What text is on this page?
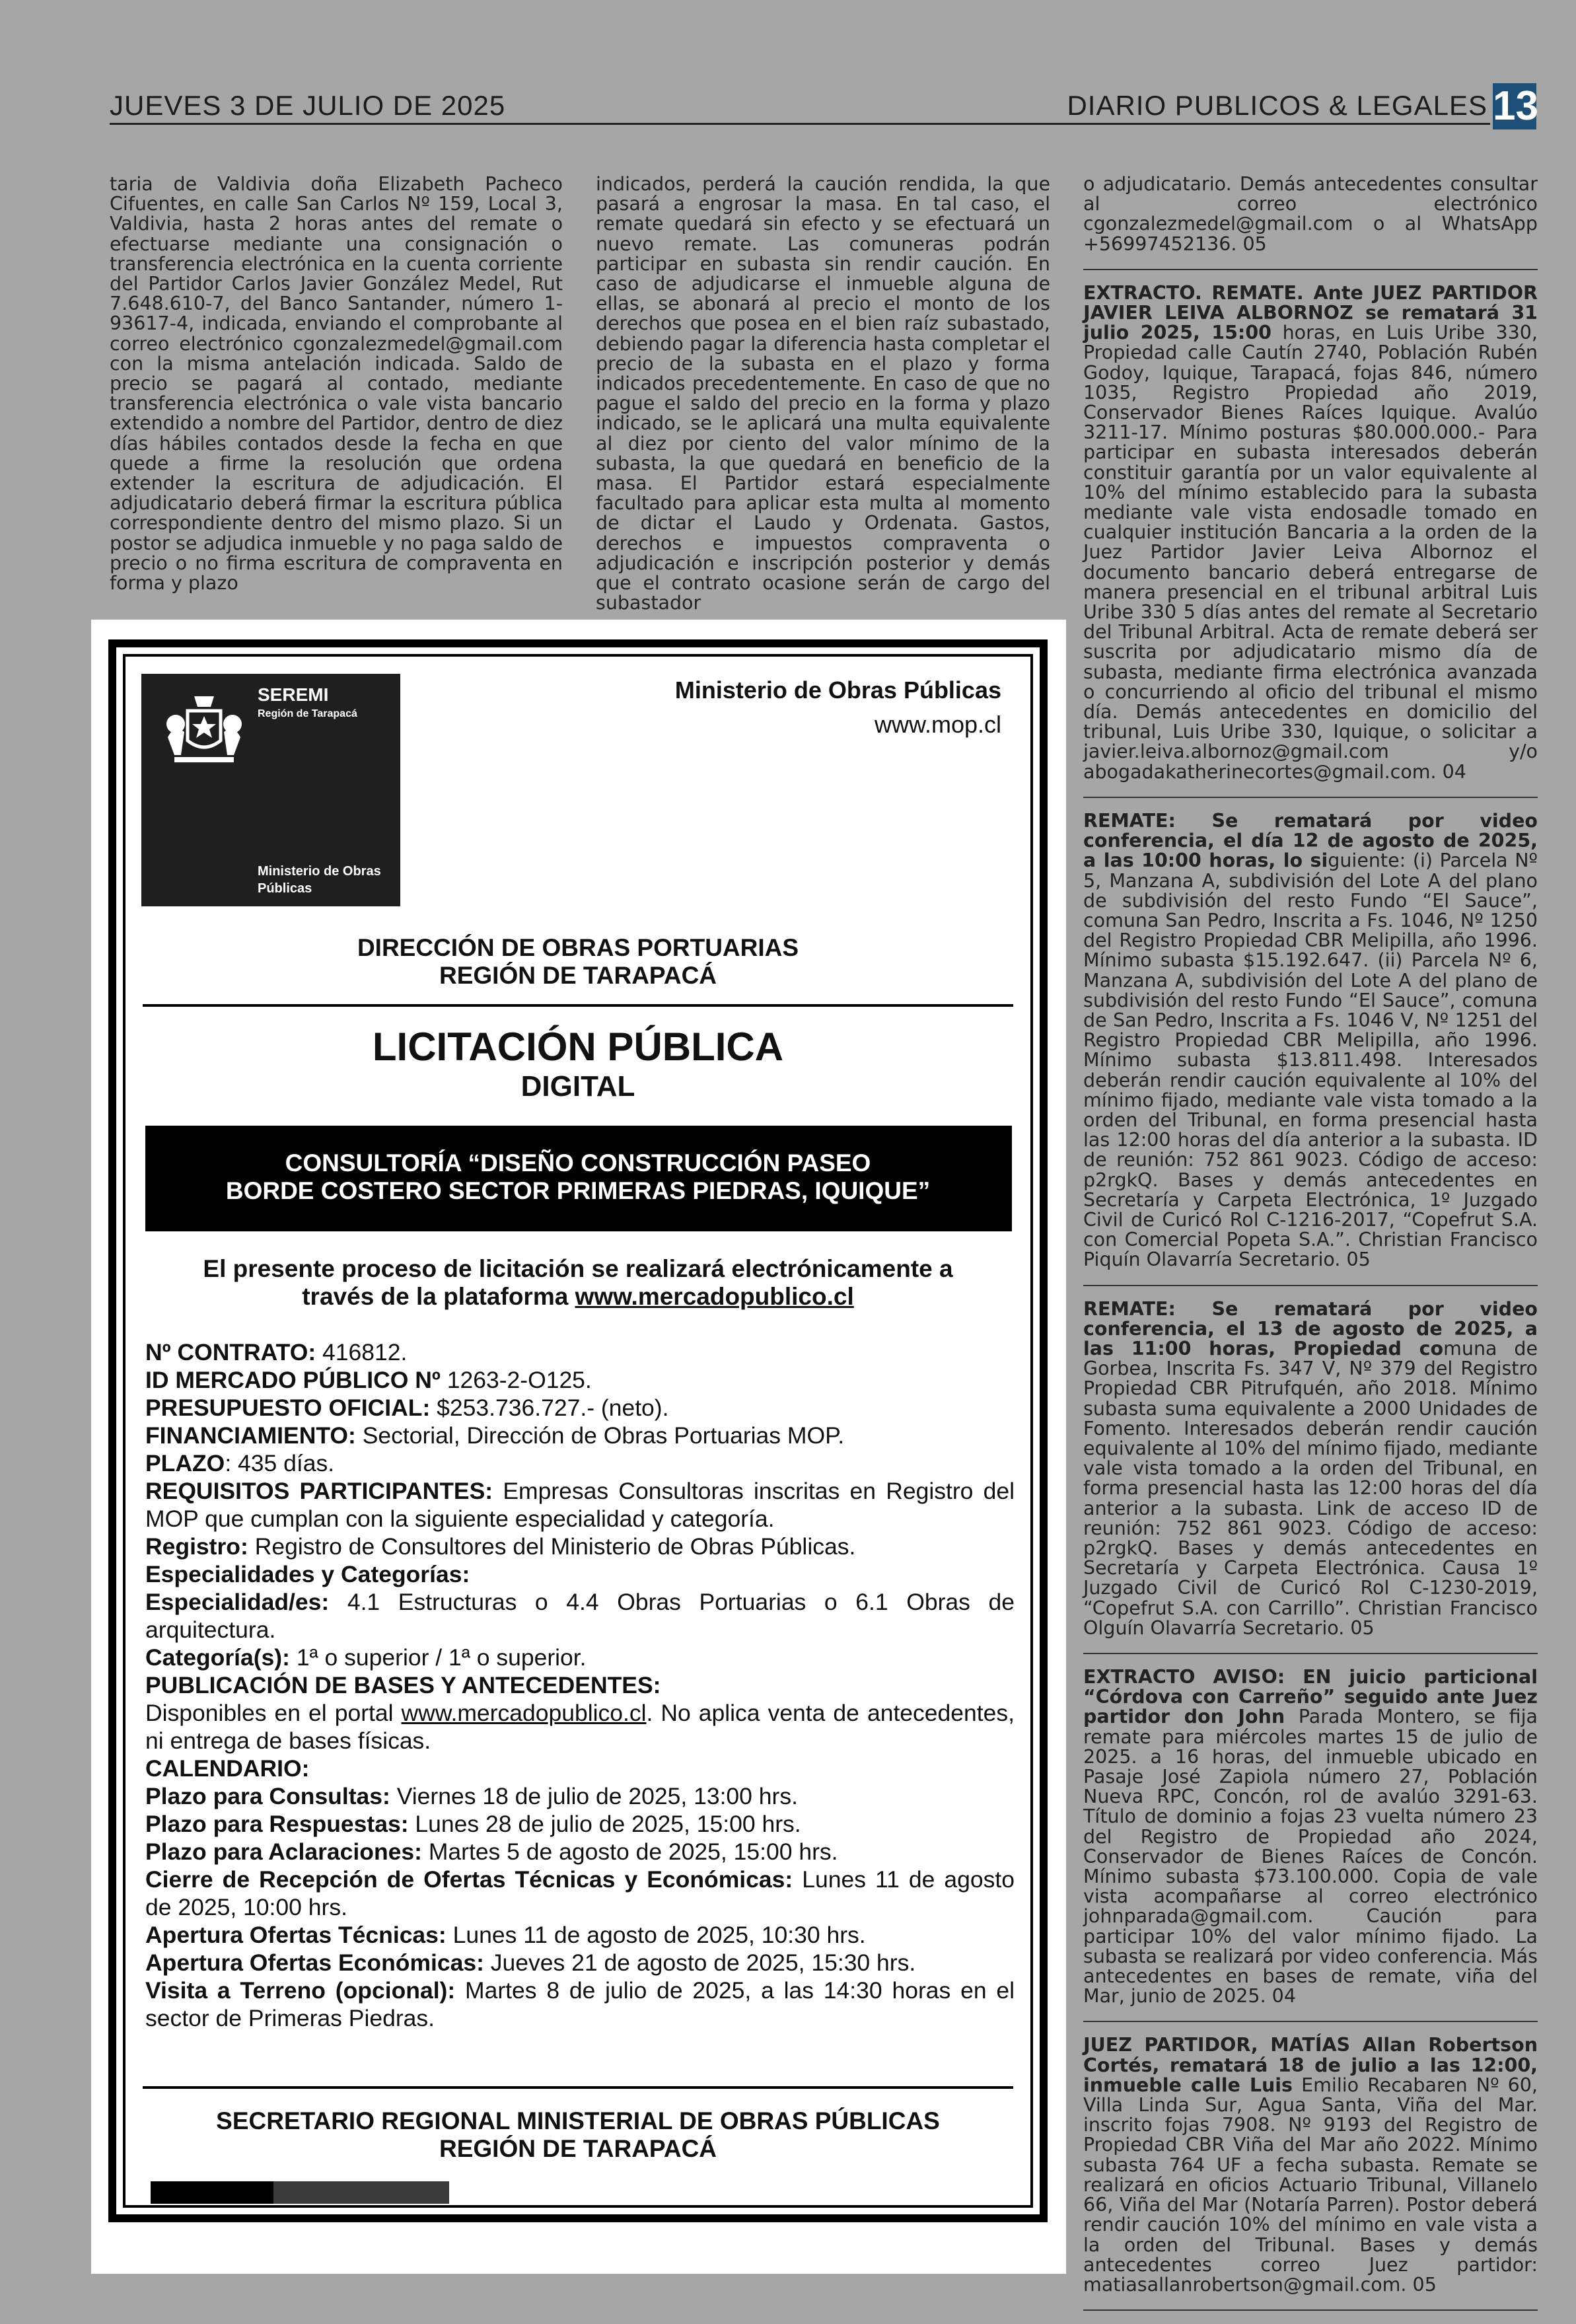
JUEVES 3 DE JULIO DE 2025	DIARIO PUBLICOS & LEGALES 13

taria de Valdivia doña Elizabeth Pacheco Cifuentes, en calle San Carlos Nº 159, Local 3, Valdivia, hasta 2 horas antes del remate o efectuarse mediante una consignación o transferencia electrónica en la cuenta corriente del Partidor Carlos Javier González Medel, Rut 7.648.610-7, del Banco Santander, número 1-93617-4, indicada, enviando el comprobante al correo electrónico cgonzalezmedel@gmail.com con la misma antelación indicada. Saldo de precio se pagará al contado, mediante transferencia electrónica o vale vista bancario extendido a nombre del Partidor, dentro de diez días hábiles contados desde la fecha en que quede a firme la resolución que ordena extender la escritura de adjudicación. El adjudicatario deberá firmar la escritura pública correspondiente dentro del mismo plazo. Si un postor se adjudica inmueble y no paga saldo de precio o no firma escritura de compraventa en forma y plazo

indicados, perderá la caución rendida, la que pasará a engrosar la masa. En tal caso, el remate quedará sin efecto y se efectuará un nuevo remate. Las comuneras podrán participar en subasta sin rendir caución. En caso de adjudicarse el inmueble alguna de ellas, se abonará al precio el monto de los derechos que posea en el bien raíz subastado, debiendo pagar la diferencia hasta completar el precio de la subasta en el plazo y forma indicados precedentemente. En caso de que no pague el saldo del precio en la forma y plazo indicado, se le aplicará una multa equivalente al diez por ciento del valor mínimo de la subasta, la que quedará en beneficio de la masa. El Partidor estará especialmente facultado para aplicar esta multa al momento de dictar el Laudo y Ordenata. Gastos, derechos e impuestos compraventa o adjudicación e inscripción posterior y demás que el contrato ocasione serán de cargo del subastador

o adjudicatario. Demás antecedentes consultar al correo electrónico cgonzalezmedel@gmail.com o al WhatsApp +56997452136. 05
EXTRACTO. REMATE. Ante JUEZ PARTIDOR JAVIER LEIVA ALBORNOZ se rematará 31 julio 2025, 15:00 horas, en Luis Uribe 330, Propiedad calle Cautín 2740, Población Rubén Godoy, Iquique, Tarapacá, fojas 846, número 1035, Registro Propiedad año 2019, Conservador Bienes Raíces Iquique. Avalúo 3211-17. Mínimo posturas $80.000.000.- Para participar en subasta interesados deberán constituir garantía por un valor equivalente al 10% del mínimo establecido para la subasta mediante vale vista endosadle tomado en cualquier institución Bancaria a la orden de la Juez Partidor Javier Leiva Albornoz el documento bancario deberá entregarse de manera presencial en el tribunal arbitral Luis Uribe 330 5 días antes del remate al Secretario del Tribunal Arbitral. Acta de remate deberá ser suscrita por adjudicatario mismo día de subasta, mediante firma electrónica avanzada o concurriendo al oficio del tribunal el mismo día. Demás antecedentes en domicilio del tribunal, Luis Uribe 330, Iquique, o solicitar a javier.leiva.albornoz@gmail.com y/o abogadakatherinecortes@gmail.com. 04
REMATE: Se rematará por video conferencia, el día 12 de agosto de 2025, a las 10:00 horas, lo siguiente: (i) Parcela Nº 5, Manzana A, subdivisión del Lote A del plano de subdivisión del resto Fundo “El Sauce”, comuna San Pedro, Inscrita a Fs. 1046, Nº 1250 del Registro Propiedad CBR Melipilla, año 1996. Mínimo subasta $15.192.647. (ii) Parcela Nº 6, Manzana A, subdivisión del Lote A del plano de subdivisión del resto Fundo “El Sauce”, comuna de San Pedro, Inscrita a Fs. 1046 V, Nº 1251 del Registro Propiedad CBR Melipilla, año 1996. Mínimo subasta $13.811.498. Interesados deberán rendir caución equivalente al 10% del mínimo fijado, mediante vale vista tomado a la orden del Tribunal, en forma presencial hasta las 12:00 horas del día anterior a la subasta. ID de reunión: 752 861 9023. Código de acceso: p2rgkQ. Bases y demás antecedentes en Secretaría y Carpeta Electrónica, 1º Juzgado Civil de Curicó Rol C-1216-2017, “Copefrut S.A. con Comercial Popeta S.A.”. Christian Francisco Piquín Olavarría Secretario. 05
REMATE: Se rematará por video conferencia, el 13 de agosto de 2025, a las 11:00 horas, Propiedad comuna de Gorbea, Inscrita Fs. 347 V, Nº 379 del Registro Propiedad CBR Pitrufquén, año 2018. Mínimo subasta suma equivalente a 2000 Unidades de Fomento. Interesados deberán rendir caución equivalente al 10% del mínimo fijado, mediante vale vista tomado a la orden del Tribunal, en forma presencial hasta las 12:00 horas del día anterior a la subasta. Link de acceso ID de reunión: 752 861 9023. Código de acceso: p2rgkQ. Bases y demás antecedentes en Secretaría y Carpeta Electrónica. Causa 1º Juzgado Civil de Curicó Rol C-1230-2019, “Copefrut S.A. con Carrillo”. Christian Francisco Olguín Olavarría Secretario. 05
EXTRACTO AVISO: EN juicio particional “Córdova con Carreño” seguido ante Juez partidor don John Parada Montero, se fija remate para miércoles martes 15 de julio de 2025. a 16 horas, del inmueble ubicado en Pasaje José Zapiola número 27, Población Nueva RPC, Concón, rol de avalúo 3291-63. Título de dominio a fojas 23 vuelta número 23 del Registro de Propiedad año 2024, Conservador de Bienes Raíces de Concón. Mínimo subasta $73.100.000. Copia de vale vista acompañarse al correo electrónico johnparada@gmail.com. Caución para participar 10% del valor mínimo fijado. La subasta se realizará por video conferencia. Más antecedentes en bases de remate, viña del Mar, junio de 2025. 04
JUEZ PARTIDOR, MATÍAS Allan Robertson Cortés, rematará 18 de julio a las 12:00, inmueble calle Luis Emilio Recabaren Nº 60, Villa Linda Sur, Agua Santa, Viña del Mar. inscrito fojas 7908. Nº 9193 del Registro de Propiedad CBR Viña del Mar año 2022. Mínimo subasta 764 UF a fecha subasta. Remate se realizará en oficios Actuario Tribunal, Villanelo 66, Viña del Mar (Notaría Parren). Postor deberá rendir caución 10% del mínimo en vale vista a la orden del Tribunal. Bases y demás antecedentes correo Juez partidor: matiasallanrobertson@gmail.com. 05
SEREMI
Región de Tarapacá
Ministerio de Obras Públicas
Ministerio de Obras Públicas
www.mop.cl
DIRECCIÓN DE OBRAS PORTUARIAS
REGIÓN DE TARAPACÁ
LICITACIÓN PÚBLICA
DIGITAL
CONSULTORÍA “DISEÑO CONSTRUCCIÓN PASEO
BORDE COSTERO SECTOR PRIMERAS PIEDRAS, IQUIQUE”
El presente proceso de licitación se realizará electrónicamente a
través de la plataforma www.mercadopublico.cl
Nº CONTRATO: 416812.
ID MERCADO PÚBLICO Nº 1263-2-O125.
PRESUPUESTO OFICIAL: $253.736.727.- (neto).
FINANCIAMIENTO: Sectorial, Dirección de Obras Portuarias MOP.
PLAZO: 435 días.
REQUISITOS PARTICIPANTES: Empresas Consultoras inscritas en Registro del MOP que cumplan con la siguiente especialidad y categoría.
Registro: Registro de Consultores del Ministerio de Obras Públicas.
Especialidades y Categorías:
Especialidad/es: 4.1 Estructuras o 4.4 Obras Portuarias o 6.1 Obras de arquitectura.
Categoría(s): 1ª o superior / 1ª o superior.
PUBLICACIÓN DE BASES Y ANTECEDENTES:
Disponibles en el portal www.mercadopublico.cl. No aplica venta de antecedentes, ni entrega de bases físicas.
CALENDARIO:
Plazo para Consultas: Viernes 18 de julio de 2025, 13:00 hrs.
Plazo para Respuestas: Lunes 28 de julio de 2025, 15:00 hrs.
Plazo para Aclaraciones: Martes 5 de agosto de 2025, 15:00 hrs.
Cierre de Recepción de Ofertas Técnicas y Económicas: Lunes 11 de agosto de 2025, 10:00 hrs.
Apertura Ofertas Técnicas: Lunes 11 de agosto de 2025, 10:30 hrs.
Apertura Ofertas Económicas: Jueves 21 de agosto de 2025, 15:30 hrs.
Visita a Terreno (opcional): Martes 8 de julio de 2025, a las 14:30 horas en el sector de Primeras Piedras.
SECRETARIO REGIONAL MINISTERIAL DE OBRAS PÚBLICAS
REGIÓN DE TARAPACÁ
